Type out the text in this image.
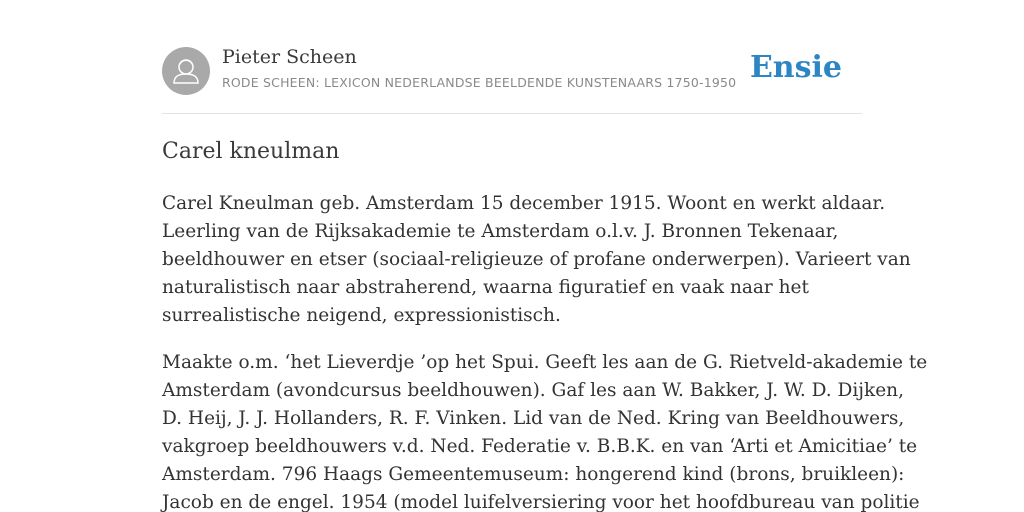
Pieter Scheen
RODE SCHEEN: LEXICON NEDERLANDSE BEELDENDE KUNSTENAARS 1750-1950 Ensie
Carel kneulman

Carel Kneulman geb. Amsterdam 15 december 1915. Woont en werkt aldaar.
Leerling van de Rijksakademie te Amsterdam o.l.v. J. Bronnen Tekenaar,
beeldhouwer en etser (sociaal-religieuze of profane onderwerpen). Varieert van
naturalistisch naar abstraherend, waarna figuratief en vaak naar het
surrealistische neigend, expressionistisch.

Maakte o.m. ‘het Lieverdje ’op het Spui. Geeft les aan de G. Rietveld-akademie te
Amsterdam (avondcursus beeldhouwen). Gaf les aan W. Bakker, J. W. D. Dijken,
D. Heij, J. J. Hollanders, R. F. Vinken. Lid van de Ned. Kring van Beeldhouwers,
vakgroep beeldhouwers v.d. Ned. Federatie v. B.B.K. en van ‘Arti et Amicitiae’ te
Amsterdam. 796 Haags Gemeentemuseum: hongerend kind (brons, bruikleen):
Jacob en de engel. 1954 (model luifelversiering voor het hoofdbureau van politie
